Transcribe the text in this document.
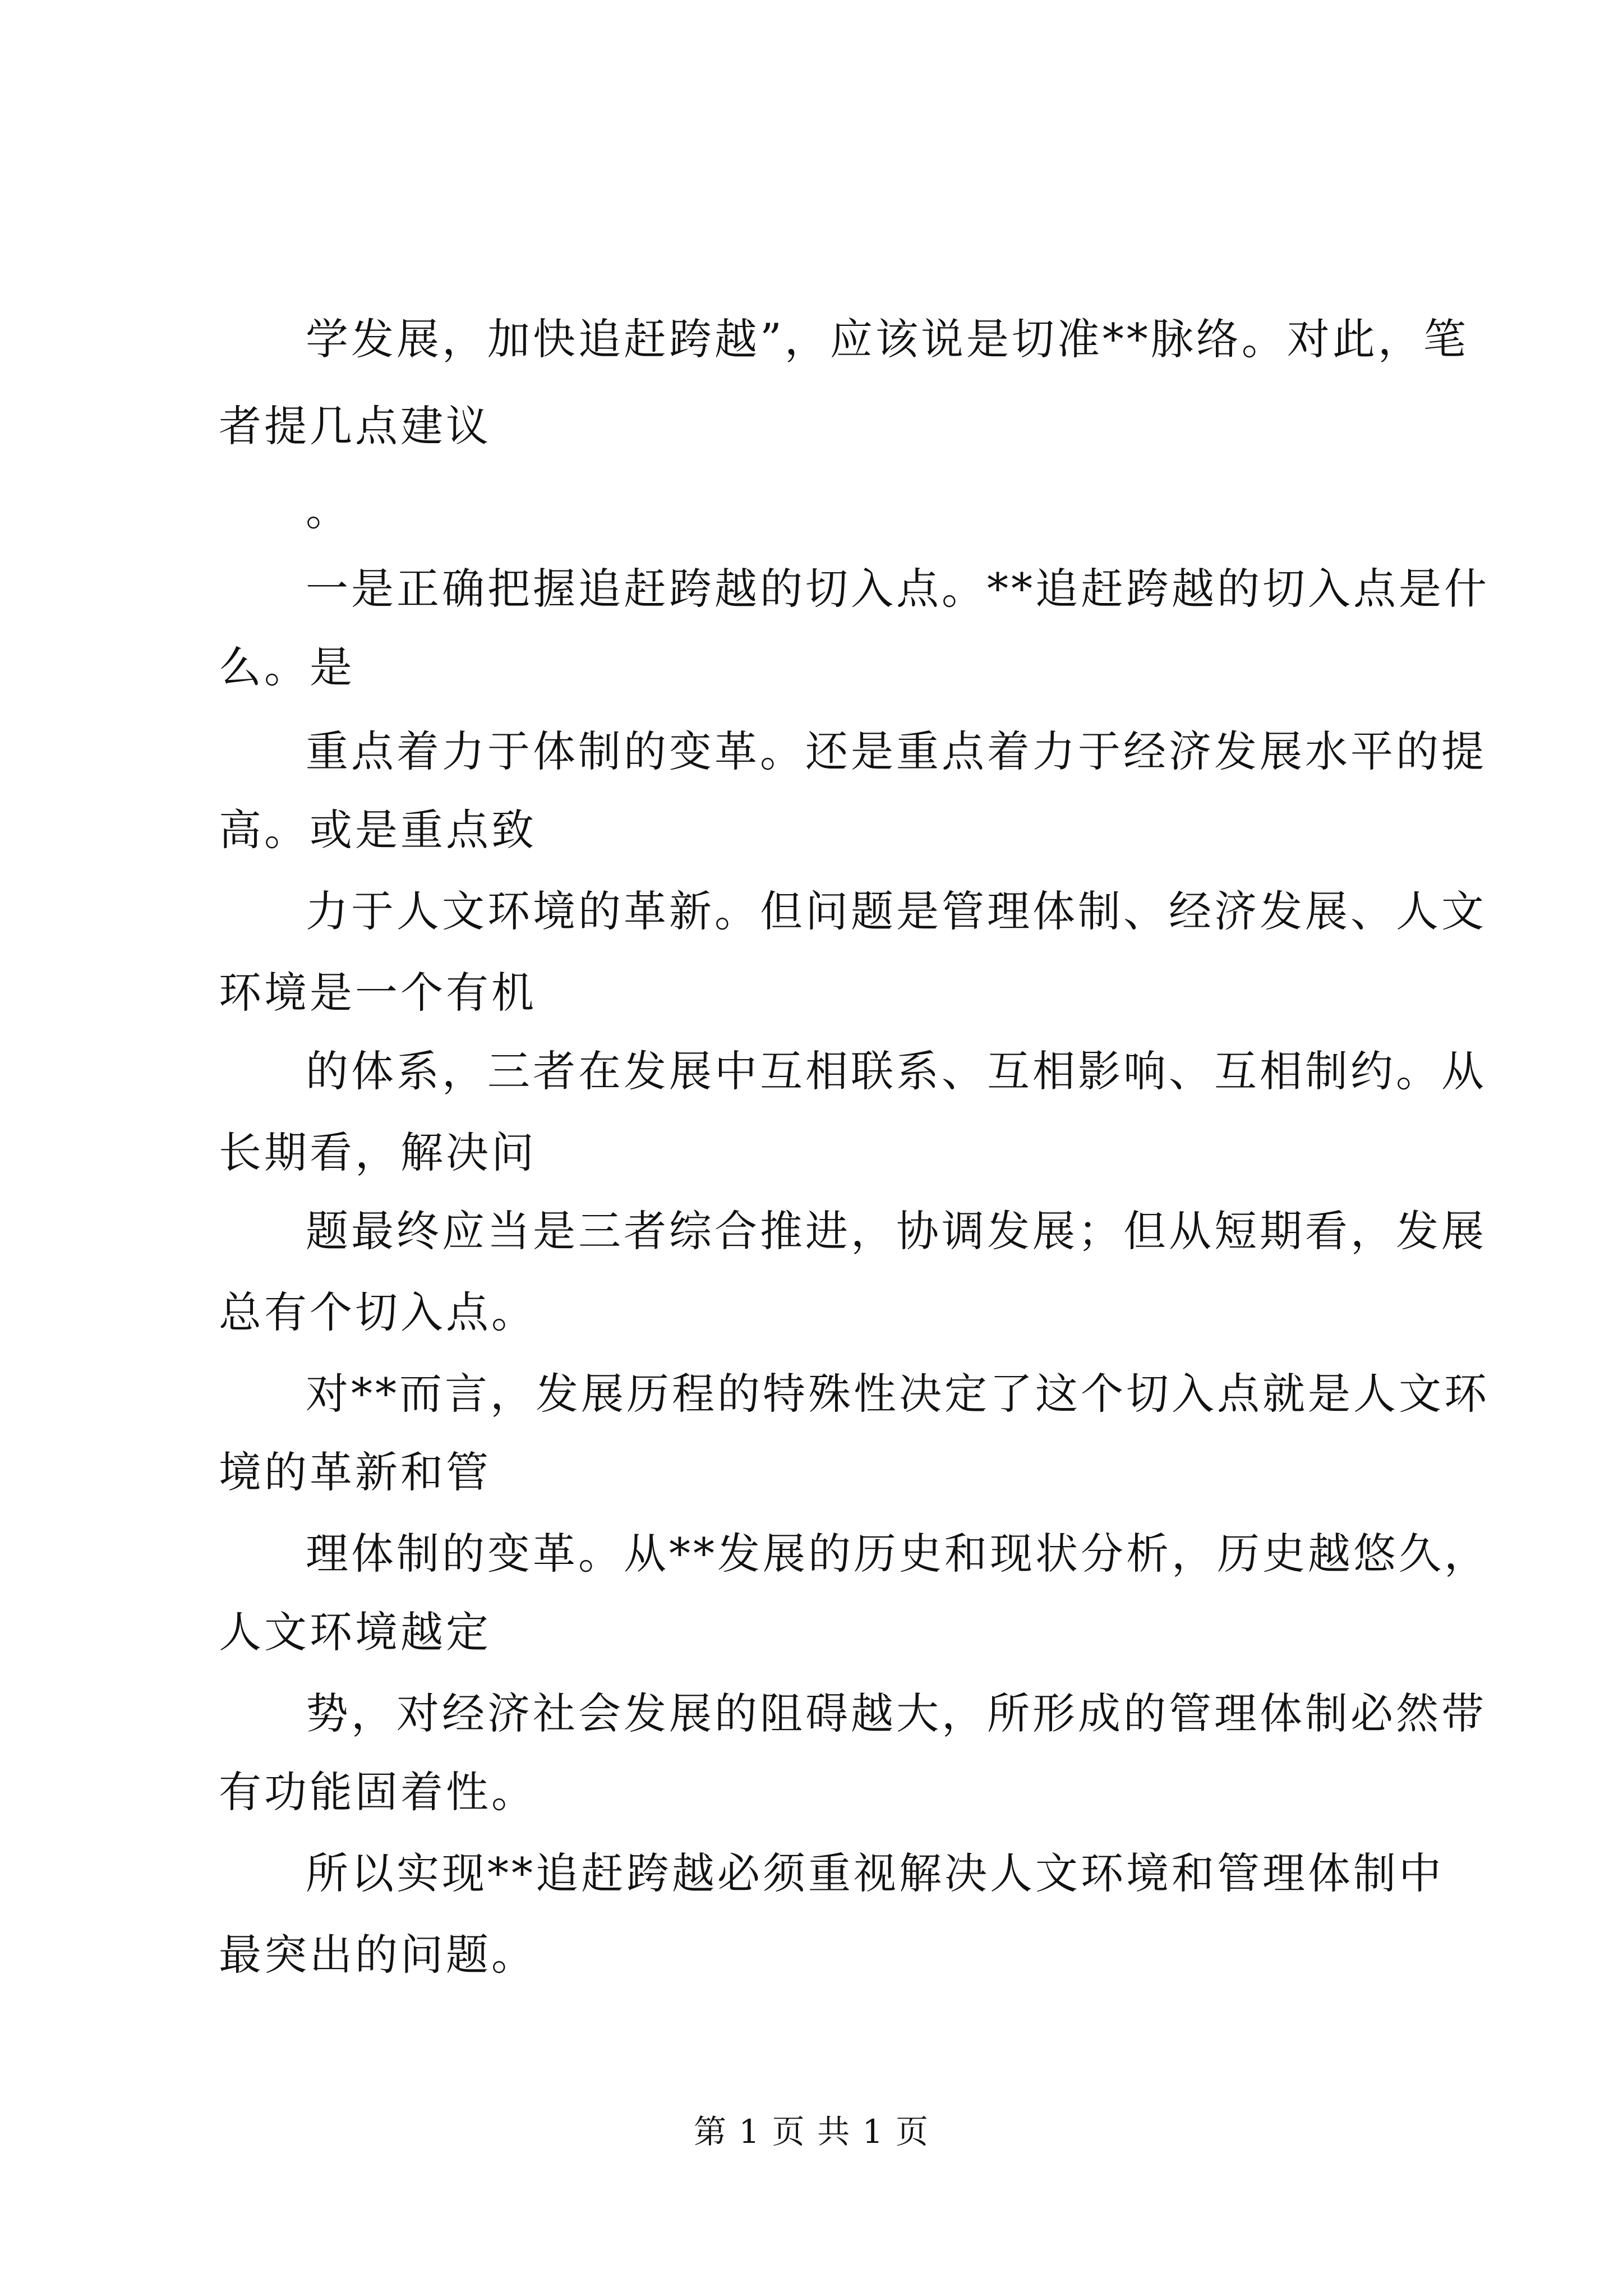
学发展，加快追赶跨越”，应该说是切准**脉络。对此，笔
者提几点建议
。
一是正确把握追赶跨越的切入点。**追赶跨越的切入点是什
么。是
重点着力于体制的变革。还是重点着力于经济发展水平的提
高。或是重点致
力于人文环境的革新。但问题是管理体制、经济发展、人文
环境是一个有机
的体系，三者在发展中互相联系、互相影响、互相制约。从
长期看，解决问
题最终应当是三者综合推进，协调发展；但从短期看，发展
总有个切入点。
对**而言，发展历程的特殊性决定了这个切入点就是人文环
境的革新和管
理体制的变革。从**发展的历史和现状分析，历史越悠久，
人文环境越定
势，对经济社会发展的阻碍越大，所形成的管理体制必然带
有功能固着性。
所以实现**追赶跨越必须重视解决人文环境和管理体制中
最突出的问题。
第 1 页 共 1 页
